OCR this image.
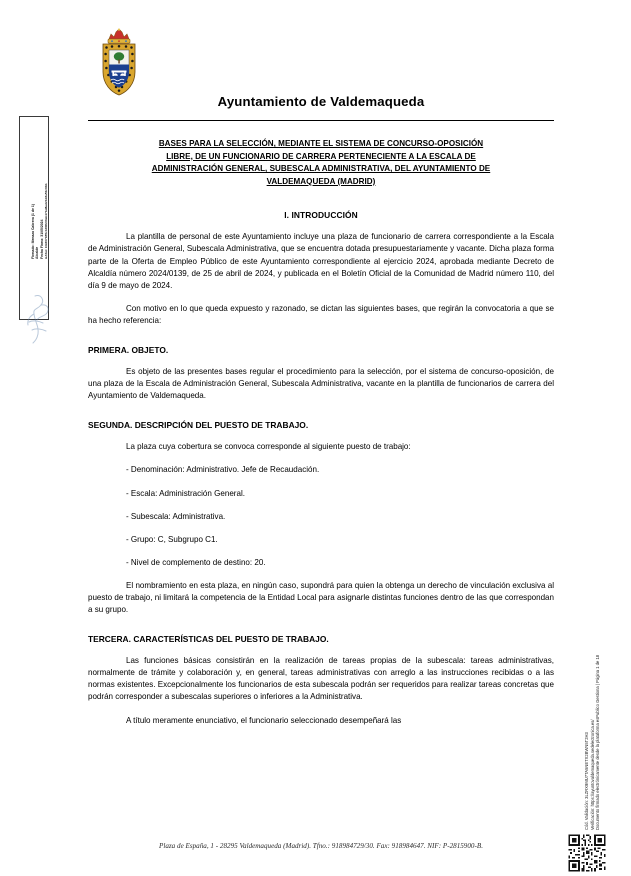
Firmado: Menaza Cabrera (1 de 1) Alcalde Fecha Firma: 31/05/2024 HASH: 1fd307b55cb00fb00ab47bd8ed2b18a50c96b
Cód. Validación: 3LZRX9MU7TA5NETX2BWN5T2H3 Verificación: https://ayuntovaldemaqueda.sedelectronica.es/ Documento firmado electrónicamente desde la plataforma esPublico Gestiona | Página 1 de 18
Ayuntamiento de Valdemaqueda
BASES PARA LA SELECCIÓN, MEDIANTE EL SISTEMA DE CONCURSO-OPOSICIÓN
LIBRE, DE UN FUNCIONARIO DE CARRERA PERTENECIENTE A LA ESCALA DE
ADMINISTRACIÓN GENERAL, SUBESCALA ADMINISTRATIVA, DEL AYUNTAMIENTO DE
VALDEMAQUEDA (MADRID)
I. INTRODUCCIÓN

La plantilla de personal de este Ayuntamiento incluye una plaza de funcionario de carrera correspondiente a la Escala de Administración General, Subescala Administrativa, que se encuentra dotada presupuestariamente y vacante. Dicha plaza forma parte de la Oferta de Empleo Público de este Ayuntamiento correspondiente al ejercicio 2024, aprobada mediante Decreto de Alcaldía número 2024/0139, de 25 de abril de 2024, y publicada en el Boletín Oficial de la Comunidad de Madrid número 110, del día 9 de mayo de 2024.

Con motivo en lo que queda expuesto y razonado, se dictan las siguientes bases, que regirán la convocatoria a que se ha hecho referencia:

PRIMERA. OBJETO.

Es objeto de las presentes bases regular el procedimiento para la selección, por el sistema de concurso-oposición, de una plaza de la Escala de Administración General, Subescala Administrativa, vacante en la plantilla de funcionarios de carrera del Ayuntamiento de Valdemaqueda.

SEGUNDA. DESCRIPCIÓN DEL PUESTO DE TRABAJO.

La plaza cuya cobertura se convoca corresponde al siguiente puesto de trabajo:

- Denominación: Administrativo. Jefe de Recaudación.

- Escala: Administración General.

- Subescala: Administrativa.

- Grupo: C, Subgrupo C1.

- Nivel de complemento de destino: 20.

El nombramiento en esta plaza, en ningún caso, supondrá para quien la obtenga un derecho de vinculación exclusiva al puesto de trabajo, ni limitará la competencia de la Entidad Local para asignarle distintas funciones dentro de las que correspondan a su grupo.

TERCERA. CARACTERÍSTICAS DEL PUESTO DE TRABAJO.

Las funciones básicas consistirán en la realización de tareas propias de la subescala: tareas administrativas, normalmente de trámite y colaboración y, en general, tareas administrativas con arreglo a las instrucciones recibidas o a las normas existentes. Excepcionalmente los funcionarios de esta subescala podrán ser requeridos para realizar tareas concretas que podrán corresponder a subescalas superiores o inferiores a la Administrativa.

A título meramente enunciativo, el funcionario seleccionado desempeñará las

Plaza de España, 1 - 28295 Valdemaqueda (Madrid). Tfno.: 918984729/30. Fax: 918984647. NIF: P-2815900-B.
